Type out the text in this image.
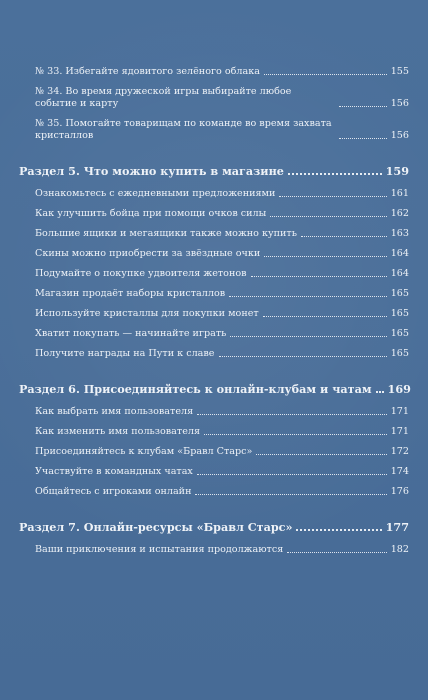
№ 33. Избегайте ядовитого зелёного облака	155
№ 34. Во время дружеской игры выбирайте любое событие и карту	156
№ 35. Помогайте товарищам по команде во время захвата кристаллов	156
Раздел 5. Что можно купить в магазине	159
Ознакомьтесь с ежедневными предложениями	161
Как улучшить бойца при помощи очков силы	162
Большие ящики и мегаящики также можно купить	163
Скины можно приобрести за звёздные очки	164
Подумайте о покупке удвоителя жетонов	164
Магазин продаёт наборы кристаллов	165
Используйте кристаллы для покупки монет	165
Хватит покупать — начинайте играть	165
Получите награды на Пути к славе	165
Раздел 6. Присоединяйтесь к онлайн-клубам и чатам 169
Как выбрать имя пользователя	171
Как изменить имя пользователя	171
Присоединяйтесь к клубам «Бравл Старс»	172
Участвуйте в командных чатах	174
Общайтесь с игроками онлайн	176
Раздел 7. Онлайн-ресурсы «Бравл Старс»	177
Ваши приключения и испытания продолжаются	182
